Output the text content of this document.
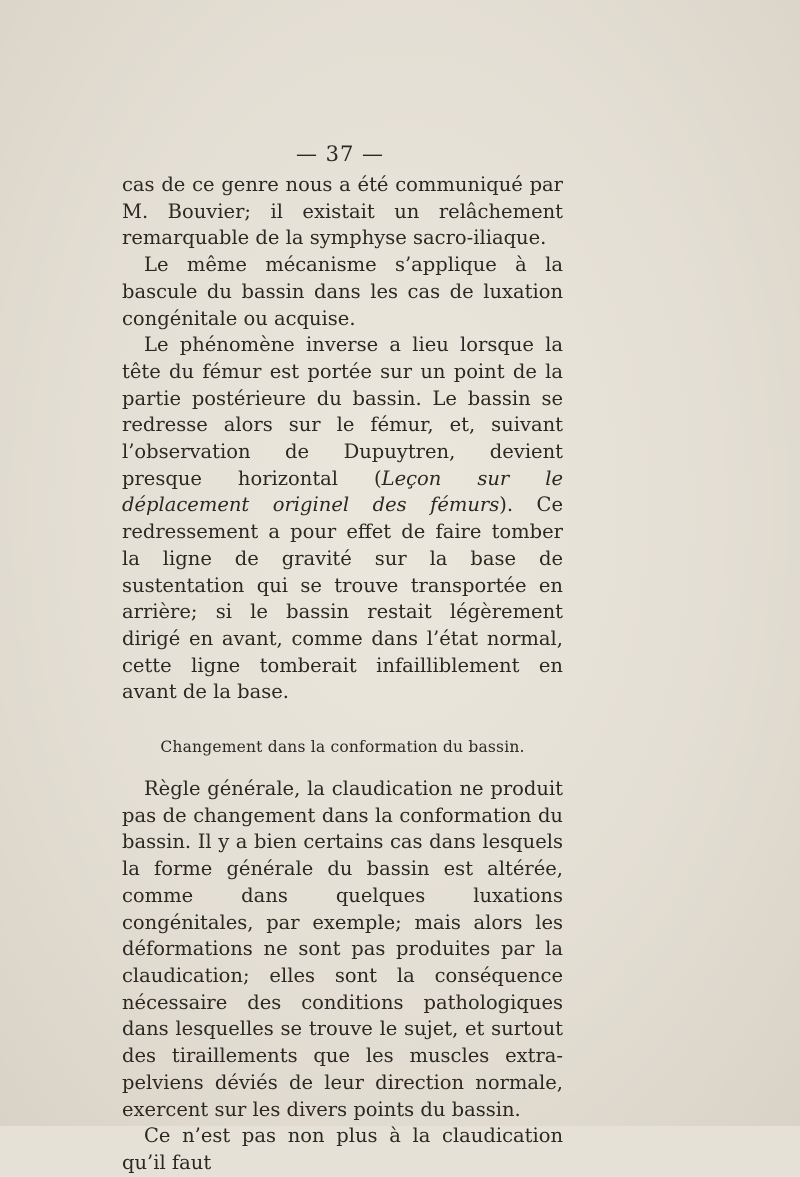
— 37 —

cas de ce genre nous a été communiqué par M. Bouvier; il existait un relâchement remarquable de la symphyse sacro-iliaque.

Le même mécanisme s’applique à la bascule du bassin dans les cas de luxation congénitale ou acquise.

Le phénomène inverse a lieu lorsque la tête du fémur est portée sur un point de la partie postérieure du bassin. Le bassin se redresse alors sur le fémur, et, suivant l’observation de Dupuytren, devient presque horizontal (Leçon sur le déplacement originel des fémurs). Ce redressement a pour effet de faire tomber la ligne de gravité sur la base de sustentation qui se trouve transportée en arrière; si le bassin restait légèrement dirigé en avant, comme dans l’état normal, cette ligne tomberait infailliblement en avant de la base.

Changement dans la conformation du bassin.

Règle générale, la claudication ne produit pas de changement dans la conformation du bassin. Il y a bien certains cas dans lesquels la forme générale du bassin est altérée, comme dans quelques luxations congénitales, par exemple; mais alors les déformations ne sont pas produites par la claudication; elles sont la conséquence nécessaire des conditions pathologiques dans lesquelles se trouve le sujet, et surtout des tiraillements que les muscles extra-pelviens déviés de leur direction normale, exercent sur les divers points du bassin.

Ce n’est pas non plus à la claudication qu’il faut
